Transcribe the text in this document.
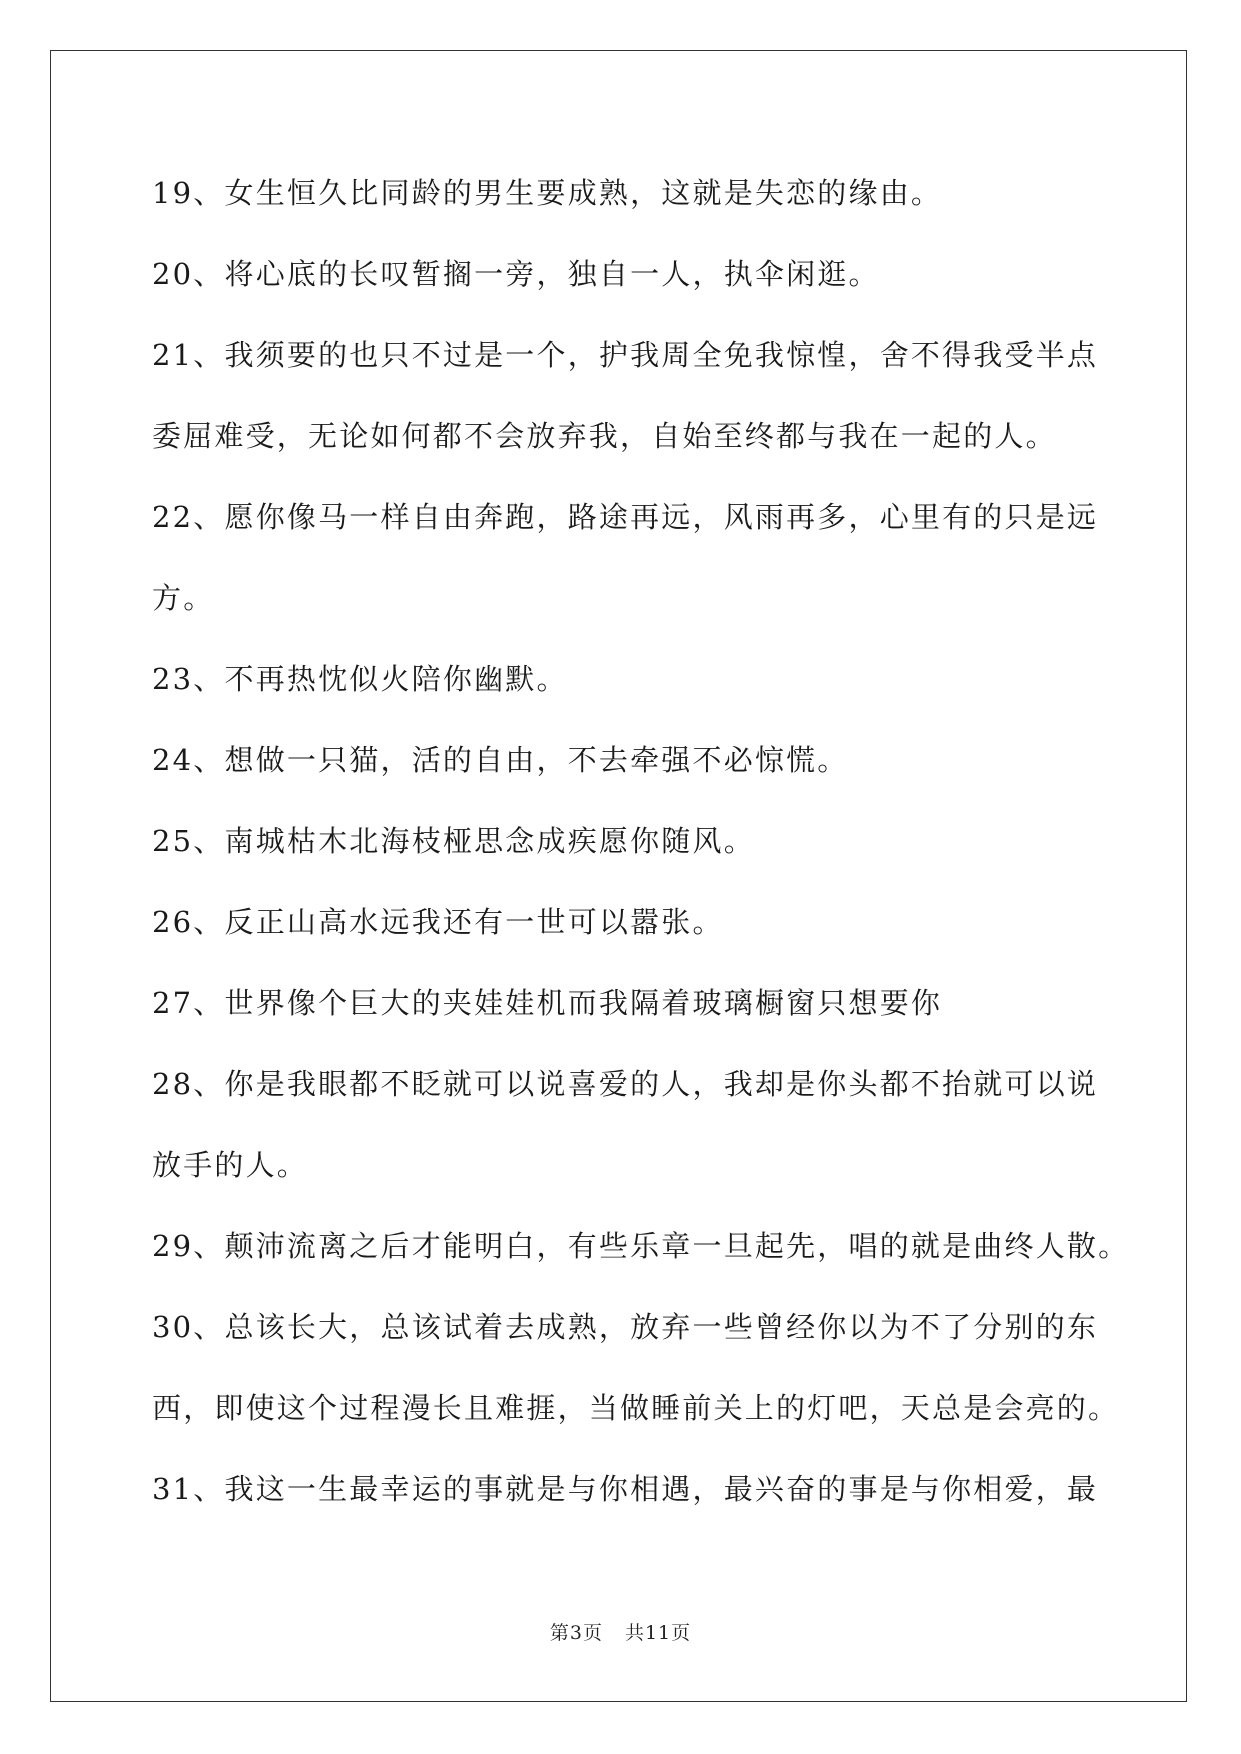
19、女生恒久比同龄的男生要成熟，这就是失恋的缘由。
20、将心底的长叹暂搁一旁，独自一人，执伞闲逛。
21、我须要的也只不过是一个，护我周全免我惊惶，舍不得我受半点
委屈难受，无论如何都不会放弃我，自始至终都与我在一起的人。
22、愿你像马一样自由奔跑，路途再远，风雨再多，心里有的只是远
方。
23、不再热忱似火陪你幽默。
24、想做一只猫，活的自由，不去牵强不必惊慌。
25、南城枯木北海枝桠思念成疾愿你随风。
26、反正山高水远我还有一世可以嚣张。
27、世界像个巨大的夹娃娃机而我隔着玻璃橱窗只想要你
28、你是我眼都不眨就可以说喜爱的人，我却是你头都不抬就可以说
放手的人。
29、颠沛流离之后才能明白，有些乐章一旦起先，唱的就是曲终人散。
30、总该长大，总该试着去成熟，放弃一些曾经你以为不了分别的东
西，即使这个过程漫长且难捱，当做睡前关上的灯吧，天总是会亮的。
31、我这一生最幸运的事就是与你相遇，最兴奋的事是与你相爱，最
第3页 共11页
